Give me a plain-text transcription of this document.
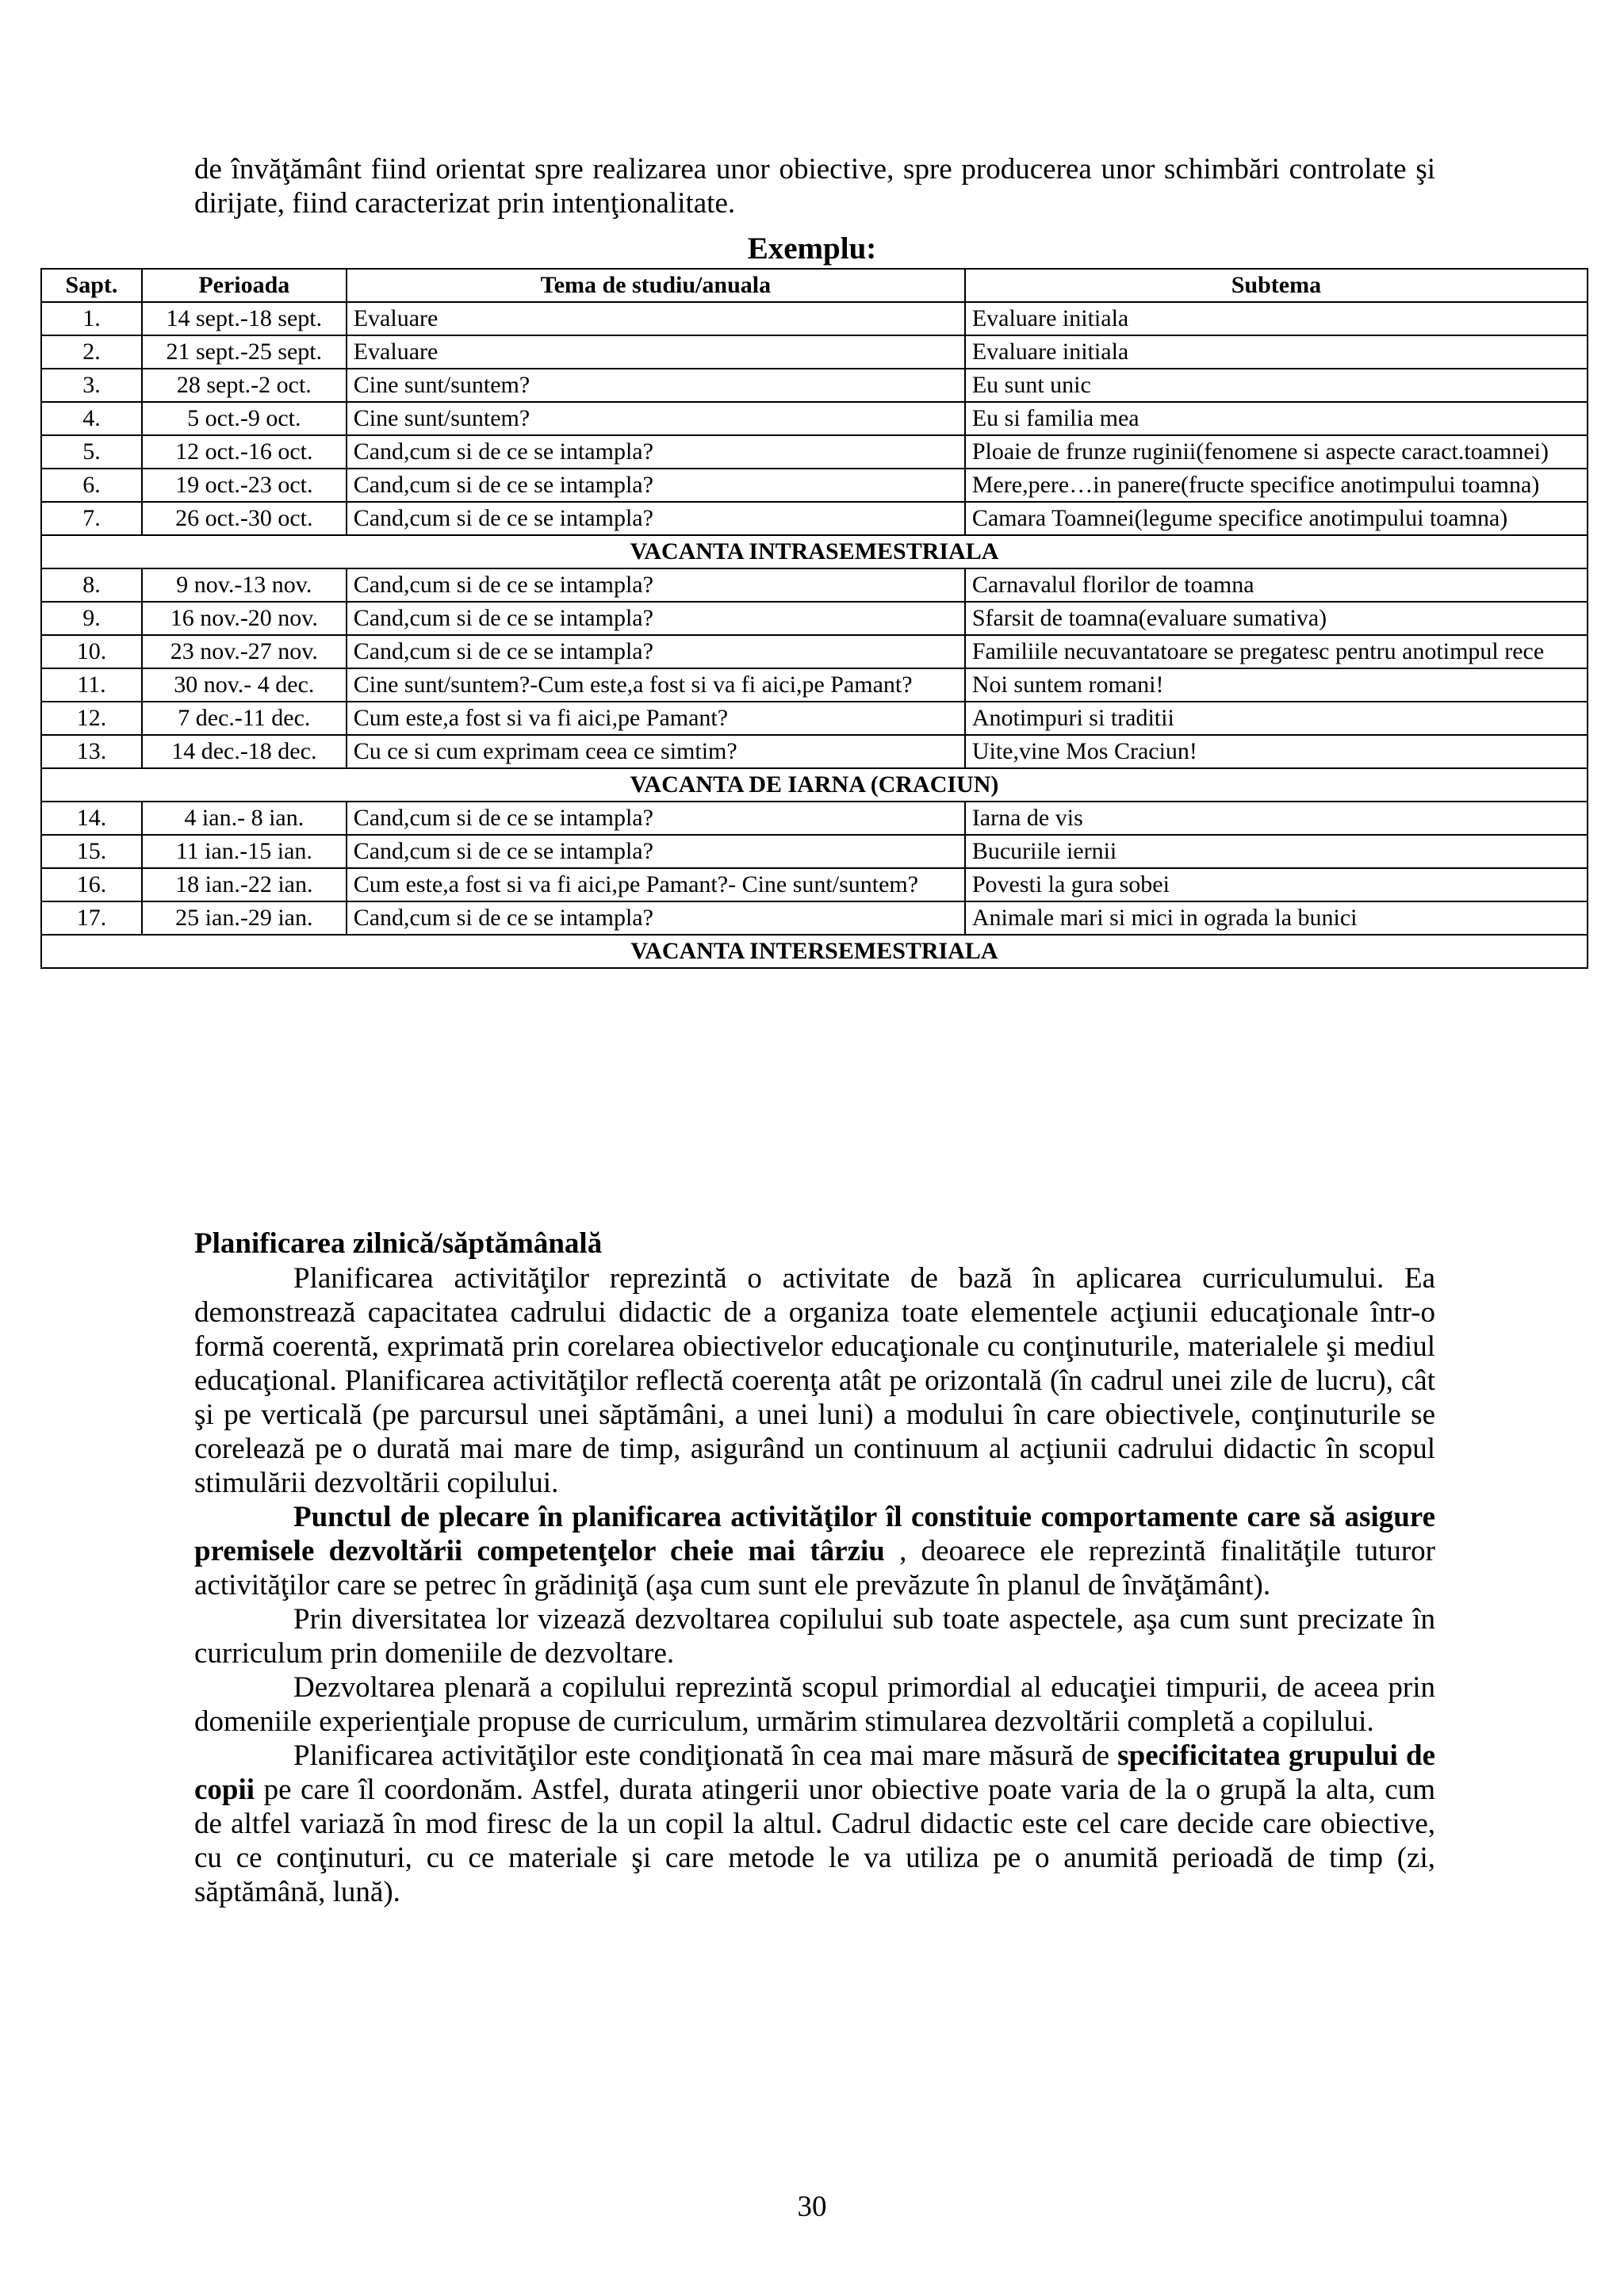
de învăţământ fiind orientat spre realizarea unor obiective, spre producerea unor schimbări controlate şi dirijate, fiind caracterizat prin intenţionalitate.

Exemplu:

Sapt.	Perioada	Tema de studiu/anuala	Subtema
1.	14 sept.-18 sept.	Evaluare	Evaluare initiala
2.	21 sept.-25 sept.	Evaluare	Evaluare initiala
3.	28 sept.-2 oct.	Cine sunt/suntem?	Eu sunt unic
4.	5 oct.-9 oct.	Cine sunt/suntem?	Eu si familia mea
5.	12 oct.-16 oct.	Cand,cum si de ce se intampla?	Ploaie de frunze ruginii(fenomene si aspecte caract.toamnei)
6.	19 oct.-23 oct.	Cand,cum si de ce se intampla?	Mere,pere…in panere(fructe specifice anotimpului toamna)
7.	26 oct.-30 oct.	Cand,cum si de ce se intampla?	Camara Toamnei(legume specifice anotimpului toamna)
VACANTA INTRASEMESTRIALA			
8.	9 nov.-13 nov.	Cand,cum si de ce se intampla?	Carnavalul florilor de toamna
9.	16 nov.-20 nov.	Cand,cum si de ce se intampla?	Sfarsit de toamna(evaluare sumativa)
10.	23 nov.-27 nov.	Cand,cum si de ce se intampla?	Familiile necuvantatoare se pregatesc pentru anotimpul rece
11.	30 nov.- 4 dec.	Cine sunt/suntem?-Cum este,a fost si va fi aici,pe Pamant?	Noi suntem romani!
12.	7 dec.-11 dec.	Cum este,a fost si va fi aici,pe Pamant?	Anotimpuri si traditii
13.	14 dec.-18 dec.	Cu ce si cum exprimam ceea ce simtim?	Uite,vine Mos Craciun!
VACANTA DE IARNA (CRACIUN)			
14.	4 ian.- 8 ian.	Cand,cum si de ce se intampla?	Iarna de vis
15.	11 ian.-15 ian.	Cand,cum si de ce se intampla?	Bucuriile iernii
16.	18 ian.-22 ian.	Cum este,a fost si va fi aici,pe Pamant?- Cine sunt/suntem?	Povesti la gura sobei
17.	25 ian.-29 ian.	Cand,cum si de ce se intampla?	Animale mari si mici in ograda la bunici
VACANTA INTERSEMESTRIALA			

Planificarea zilnică/săptămânală

Planificarea activităţilor reprezintă o activitate de bază în aplicarea curriculumului. Ea demonstrează capacitatea cadrului didactic de a organiza toate elementele acţiunii educaţionale într-o formă coerentă, exprimată prin corelarea obiectivelor educaţionale cu conţinuturile, materialele şi mediul educaţional. Planificarea activităţilor reflectă coerenţa atât pe orizontală (în cadrul unei zile de lucru), cât şi pe verticală (pe parcursul unei săptămâni, a unei luni) a modului în care obiectivele, conţinuturile se corelează pe o durată mai mare de timp, asigurând un continuum al acţiunii cadrului didactic în scopul stimulării dezvoltării copilului.

Punctul de plecare în planificarea activităţilor îl constituie comportamente care să asigure premisele dezvoltării competenţelor cheie mai târziu , deoarece ele reprezintă finalităţile tuturor activităţilor care se petrec în grădiniţă (aşa cum sunt ele prevăzute în planul de învăţământ).

Prin diversitatea lor vizează dezvoltarea copilului sub toate aspectele, aşa cum sunt precizate în curriculum prin domeniile de dezvoltare.

Dezvoltarea plenară a copilului reprezintă scopul primordial al educaţiei timpurii, de aceea prin domeniile experienţiale propuse de curriculum, urmărim stimularea dezvoltării completă a copilului.

Planificarea activităţilor este condiţionată în cea mai mare măsură de specificitatea grupului de copii pe care îl coordonăm. Astfel, durata atingerii unor obiective poate varia de la o grupă la alta, cum de altfel variază în mod firesc de la un copil la altul. Cadrul didactic este cel care decide care obiective, cu ce conţinuturi, cu ce materiale şi care metode le va utiliza pe o anumită perioadă de timp (zi, săptămână, lună).

30
